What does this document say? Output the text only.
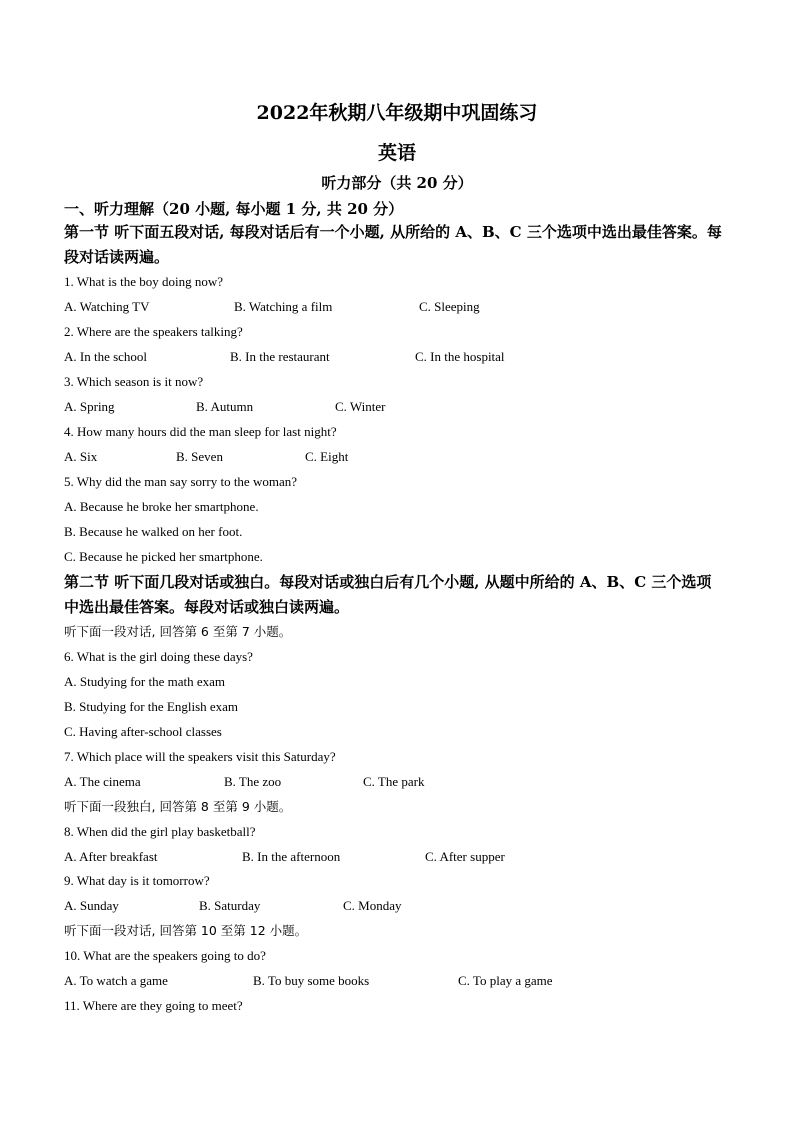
2022年秋期八年级期中巩固练习
英语
听力部分（共 20 分）
一、听力理解（20 小题, 每小题 1 分, 共 20 分）
第一节 听下面五段对话, 每段对话后有一个小题, 从所给的 A、B、C 三个选项中选出最佳答案。每段对话读两遍。
1. What is the boy doing now?
A. Watching TV	B. Watching a film	C. Sleeping
2. Where are the speakers talking?
A. In the school	B. In the restaurant	C. In the hospital
3. Which season is it now?
A. Spring	B. Autumn	C. Winter
4. How many hours did the man sleep for last night?
A. Six	B. Seven	C. Eight
5. Why did the man say sorry to the woman?
A. Because he broke her smartphone.
B. Because he walked on her foot.
C. Because he picked her smartphone.
第二节 听下面几段对话或独白。每段对话或独白后有几个小题, 从题中所给的 A、B、C 三个选项中选出最佳答案。每段对话或独白读两遍。
听下面一段对话, 回答第 6 至第 7 小题。
6. What is the girl doing these days?
A. Studying for the math exam
B. Studying for the English exam
C. Having after-school classes
7. Which place will the speakers visit this Saturday?
A. The cinema	B. The zoo	C. The park
听下面一段独白, 回答第 8 至第 9 小题。
8. When did the girl play basketball?
A. After breakfast	B. In the afternoon	C. After supper
9. What day is it tomorrow?
A. Sunday	B. Saturday	C. Monday
听下面一段对话, 回答第 10 至第 12 小题。
10. What are the speakers going to do?
A. To watch a game	B. To buy some books	C. To play a game
11. Where are they going to meet?
